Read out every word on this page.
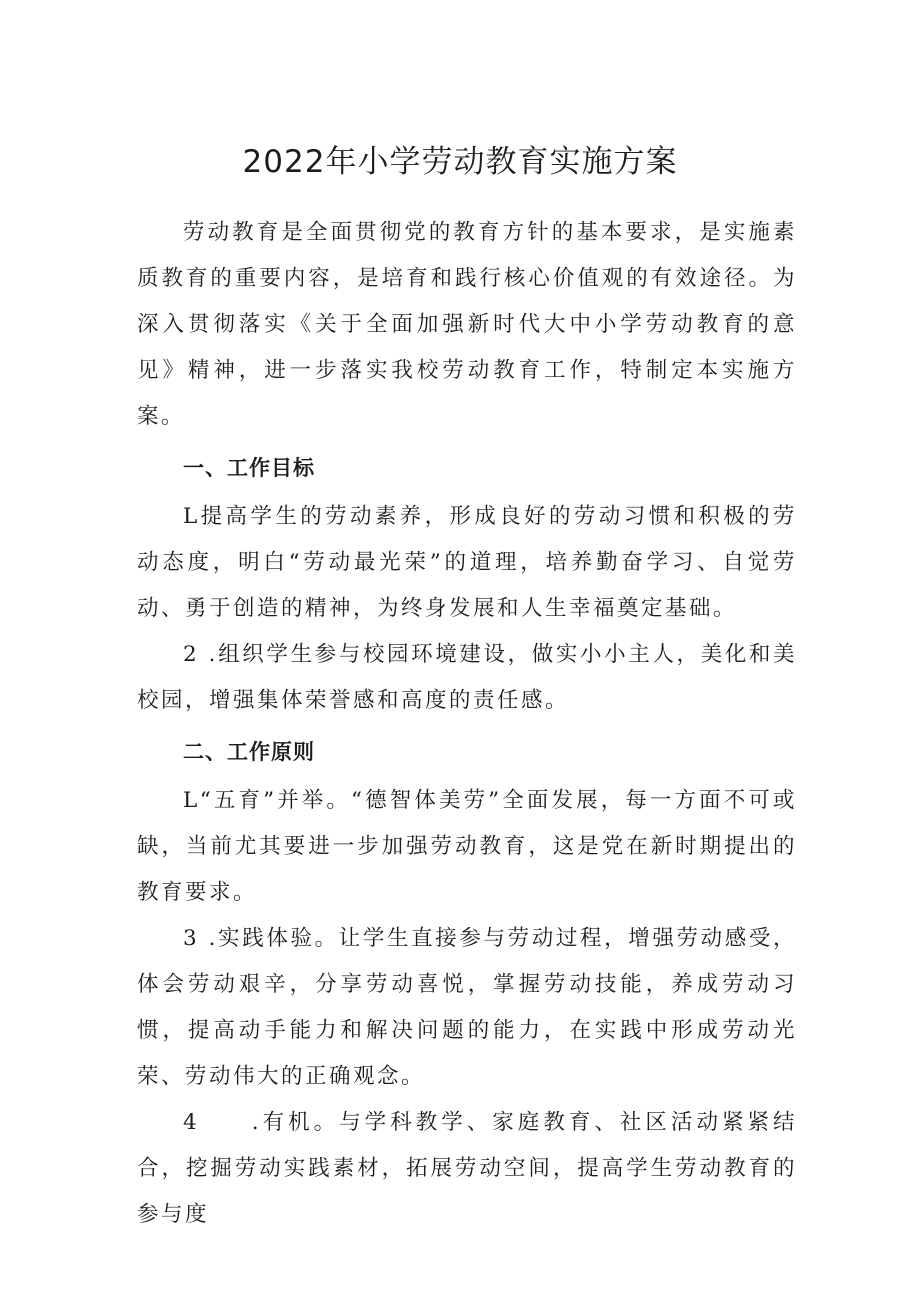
2022年小学劳动教育实施方案

劳动教育是全面贯彻党的教育方针的基本要求，是实施素质教育的重要内容，是培育和践行核心价值观的有效途径。为深入贯彻落实《关于全面加强新时代大中小学劳动教育的意见》精神，进一步落实我校劳动教育工作，特制定本实施方案。

一、工作目标

L提高学生的劳动素养，形成良好的劳动习惯和积极的劳动态度，明白“劳动最光荣”的道理，培养勤奋学习、自觉劳动、勇于创造的精神，为终身发展和人生幸福奠定基础。

2 .组织学生参与校园环境建设，做实小小主人，美化和美校园，增强集体荣誉感和高度的责任感。

二、工作原则

L“五育”并举。“德智体美劳”全面发展，每一方面不可或缺，当前尤其要进一步加强劳动教育，这是党在新时期提出的教育要求。

3 .实践体验。让学生直接参与劳动过程，增强劳动感受，体会劳动艰辛，分享劳动喜悦，掌握劳动技能，养成劳动习惯，提高动手能力和解决问题的能力，在实践中形成劳动光荣、劳动伟大的正确观念。

4　　.有机。与学科教学、家庭教育、社区活动紧紧结合，挖掘劳动实践素材，拓展劳动空间，提高学生劳动教育的参与度
